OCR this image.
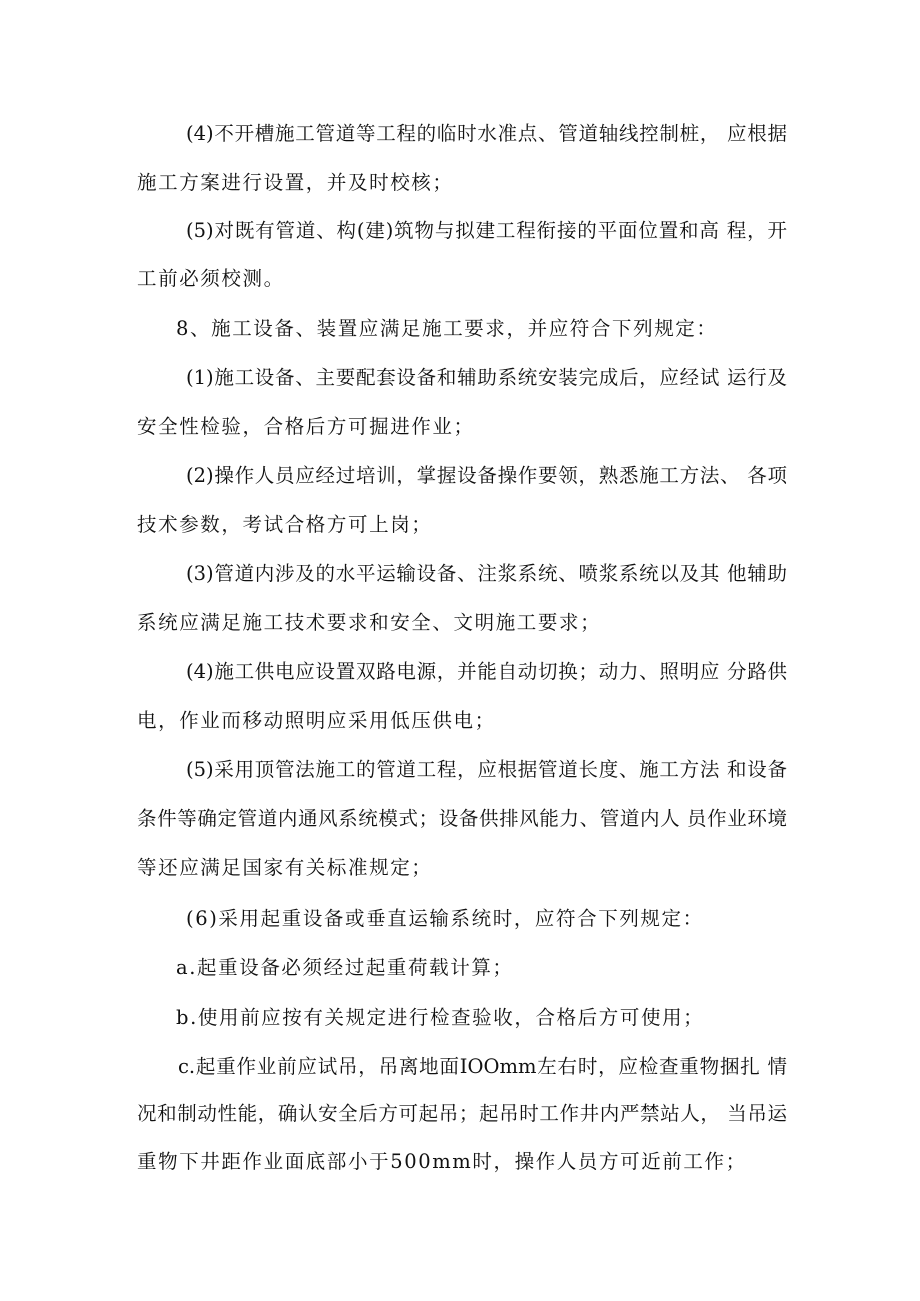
(4)不开槽施工管道等工程的临时水准点、管道轴线控制桩， 应根据
施工方案进行设置，并及时校核；
(5)对既有管道、构(建)筑物与拟建工程衔接的平面位置和高 程，开
工前必须校测。
8、施工设备、装置应满足施工要求，并应符合下列规定：
(1)施工设备、主要配套设备和辅助系统安装完成后，应经试 运行及
安全性检验，合格后方可掘进作业；
(2)操作人员应经过培训，掌握设备操作要领，熟悉施工方法、 各项
技术参数，考试合格方可上岗；
(3)管道内涉及的水平运输设备、注浆系统、喷浆系统以及其 他辅助
系统应满足施工技术要求和安全、文明施工要求；
(4)施工供电应设置双路电源，并能自动切换；动力、照明应 分路供
电，作业而移动照明应采用低压供电；
(5)采用顶管法施工的管道工程，应根据管道长度、施工方法 和设备
条件等确定管道内通风系统模式；设备供排风能力、管道内人 员作业环境
等还应满足国家有关标准规定；
(6)采用起重设备或垂直运输系统时，应符合下列规定：
a.起重设备必须经过起重荷载计算；
b.使用前应按有关规定进行检查验收，合格后方可使用；
c.起重作业前应试吊，吊离地面IOOmm左右时，应检查重物捆扎 情
况和制动性能，确认安全后方可起吊；起吊时工作井内严禁站人， 当吊运
重物下井距作业面底部小于500mm时，操作人员方可近前工作；
